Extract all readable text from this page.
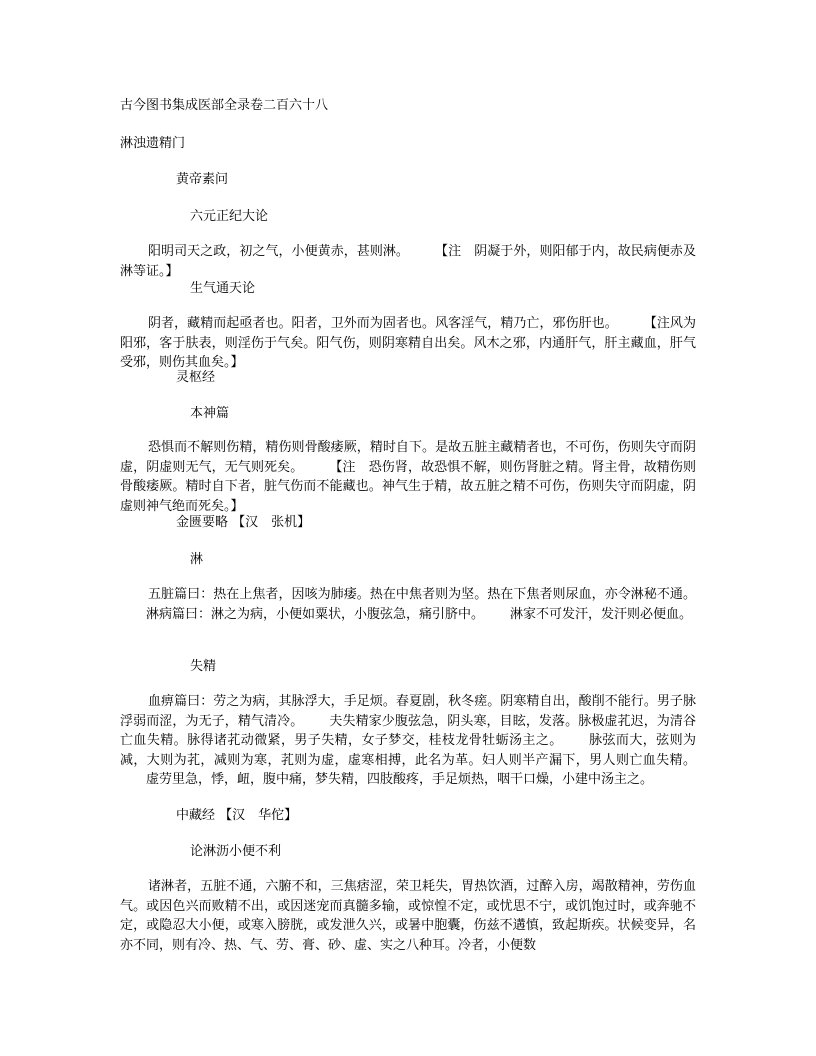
古今图书集成医部全录卷二百六十八
淋浊遗精门
黄帝素问
六元正纪大论
阳明司天之政，初之气，小便黄赤，甚则淋。 【注　阴凝于外，则阳郁于内，故民病便赤及淋等证。】
生气通天论
阴者，藏精而起亟者也。阳者，卫外而为固者也。风客淫气，精乃亡，邪伤肝也。 【注风为阳邪，客于肤表，则淫伤于气矣。阳气伤，则阴寒精自出矣。风木之邪，内通肝气，肝主藏血，肝气受邪，则伤其血矣。】
灵枢经
本神篇
恐惧而不解则伤精，精伤则骨酸痿厥，精时自下。是故五脏主藏精者也，不可伤，伤则失守而阴虚，阴虚则无气，无气则死矣。 【注　恐伤肾，故恐惧不解，则伤肾脏之精。肾主骨，故精伤则骨酸痿厥。精时自下者，脏气伤而不能藏也。神气生于精，故五脏之精不可伤，伤则失守而阴虚，阴虚则神气绝而死矣。】
金匮要略 【汉　张机】
淋
五脏篇曰：热在上焦者，因咳为肺痿。热在中焦者则为坚。热在下焦者则尿血，亦令淋秘不通。淋病篇曰：淋之为病，小便如粟状，小腹弦急，痛引脐中。 淋家不可发汗，发汗则必便血。
失精
血痹篇曰：劳之为病，其脉浮大，手足烦。春夏剧，秋冬瘥。阴寒精自出，酸削不能行。男子脉浮弱而涩，为无子，精气清冷。 夫失精家少腹弦急，阴头寒，目眩，发落。脉极虚芤迟，为清谷亡血失精。脉得诸芤动微紧，男子失精，女子梦交，桂枝龙骨牡蛎汤主之。 脉弦而大，弦则为减，大则为芤，减则为寒，芤则为虚，虚寒相搏，此名为革。妇人则半产漏下，男人则亡血失精。虚劳里急，悸，衄，腹中痛，梦失精，四肢酸疼，手足烦热，咽干口燥，小建中汤主之。
中藏经 【汉　华佗】
论淋沥小便不利
诸淋者，五脏不通，六腑不和，三焦痞涩，荣卫耗失，胃热饮酒，过醉入房，竭散精神，劳伤血气。或因色兴而败精不出，或因迷宠而真髓多输，或惊惶不定，或忧思不宁，或饥饱过时，或奔驰不定，或隐忍大小便，或寒入膀胱，或发泄久兴，或暑中胞囊，伤兹不遘慎，致起斯疾。状候变异，名亦不同，则有冷、热、气、劳、膏、砂、虚、实之八种耳。冷者，小便数
